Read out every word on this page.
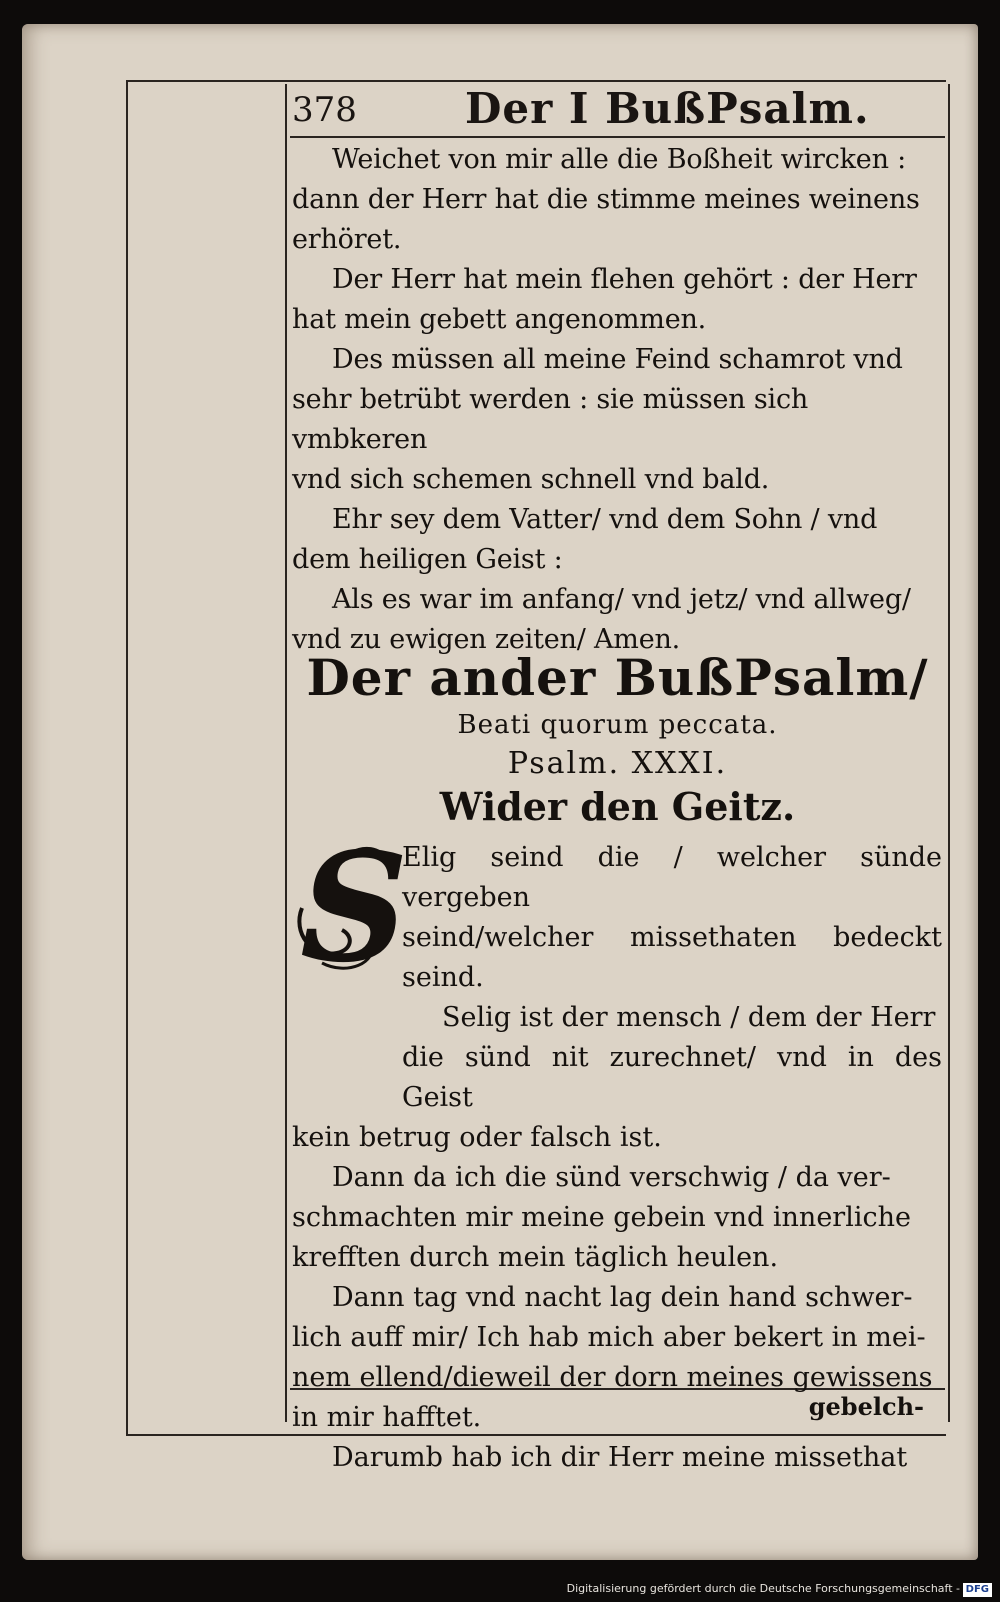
378	Der I BußPsalm.
Weichet von mir alle die Boßheit wircken :
dann der Herr hat die stimme meines weinens
erhöret.
Der Herr hat mein flehen gehört : der Herr
hat mein gebett angenommen.
Des müssen all meine Feind schamrot vnd
sehr betrübt werden : sie müssen sich vmbkeren
vnd sich schemen schnell vnd bald.
Ehr sey dem Vatter/ vnd dem Sohn / vnd
dem heiligen Geist :
Als es war im anfang/ vnd jetz/ vnd allweg/
vnd zu ewigen zeiten/ Amen.
Der ander BußPsalm/
Beati quorum peccata.
Psalm. XXXI.
Wider den Geitz.
S
Elig seind die / welcher sünde vergeben
seind/welcher missethaten bedeckt seind.
Selig ist der mensch / dem der Herr
die sünd nit zurechnet/ vnd in des Geist
kein betrug oder falsch ist.
Dann da ich die sünd verschwig / da ver-
schmachten mir meine gebein vnd innerliche
krefften durch mein täglich heulen.
Dann tag vnd nacht lag dein hand schwer-
lich auff mir/ Ich hab mich aber bekert in mei-
nem ellend/dieweil der dorn meines gewissens
in mir hafftet.
Darumb hab ich dir Herr meine missethat
gebelch-
Digitalisierung gefördert durch die Deutsche Forschungsgemeinschaft - DFG
